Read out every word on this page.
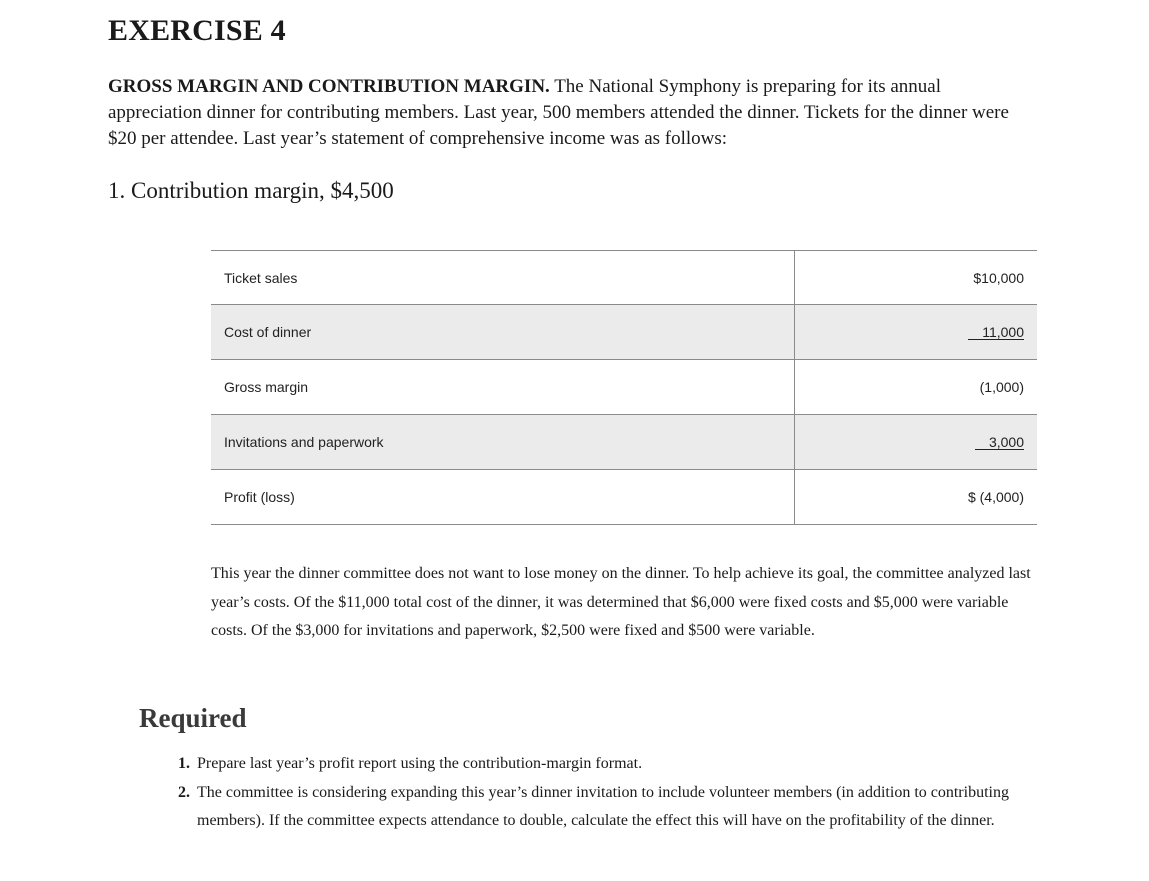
EXERCISE 4

GROSS MARGIN AND CONTRIBUTION MARGIN. The National Symphony is preparing for its annual appreciation dinner for contributing members. Last year, 500 members attended the dinner. Tickets for the dinner were $20 per attendee. Last year’s statement of comprehensive income was as follows:

1. Contribution margin, $4,500

Ticket sales	$10,000
Cost of dinner	11,000
Gross margin	(1,000)
Invitations and paperwork	3,000
Profit (loss)	$ (4,000)

This year the dinner committee does not want to lose money on the dinner. To help achieve its goal, the committee analyzed last year’s costs. Of the $11,000 total cost of the dinner, it was determined that $6,000 were fixed costs and $5,000 were variable costs. Of the $3,000 for invitations and paperwork, $2,500 were fixed and $500 were variable.

Required
1. Prepare last year’s profit report using the contribution-margin format.
2. The committee is considering expanding this year’s dinner invitation to include volunteer members (in addition to contributing members). If the committee expects attendance to double, calculate the effect this will have on the profitability of the dinner.
